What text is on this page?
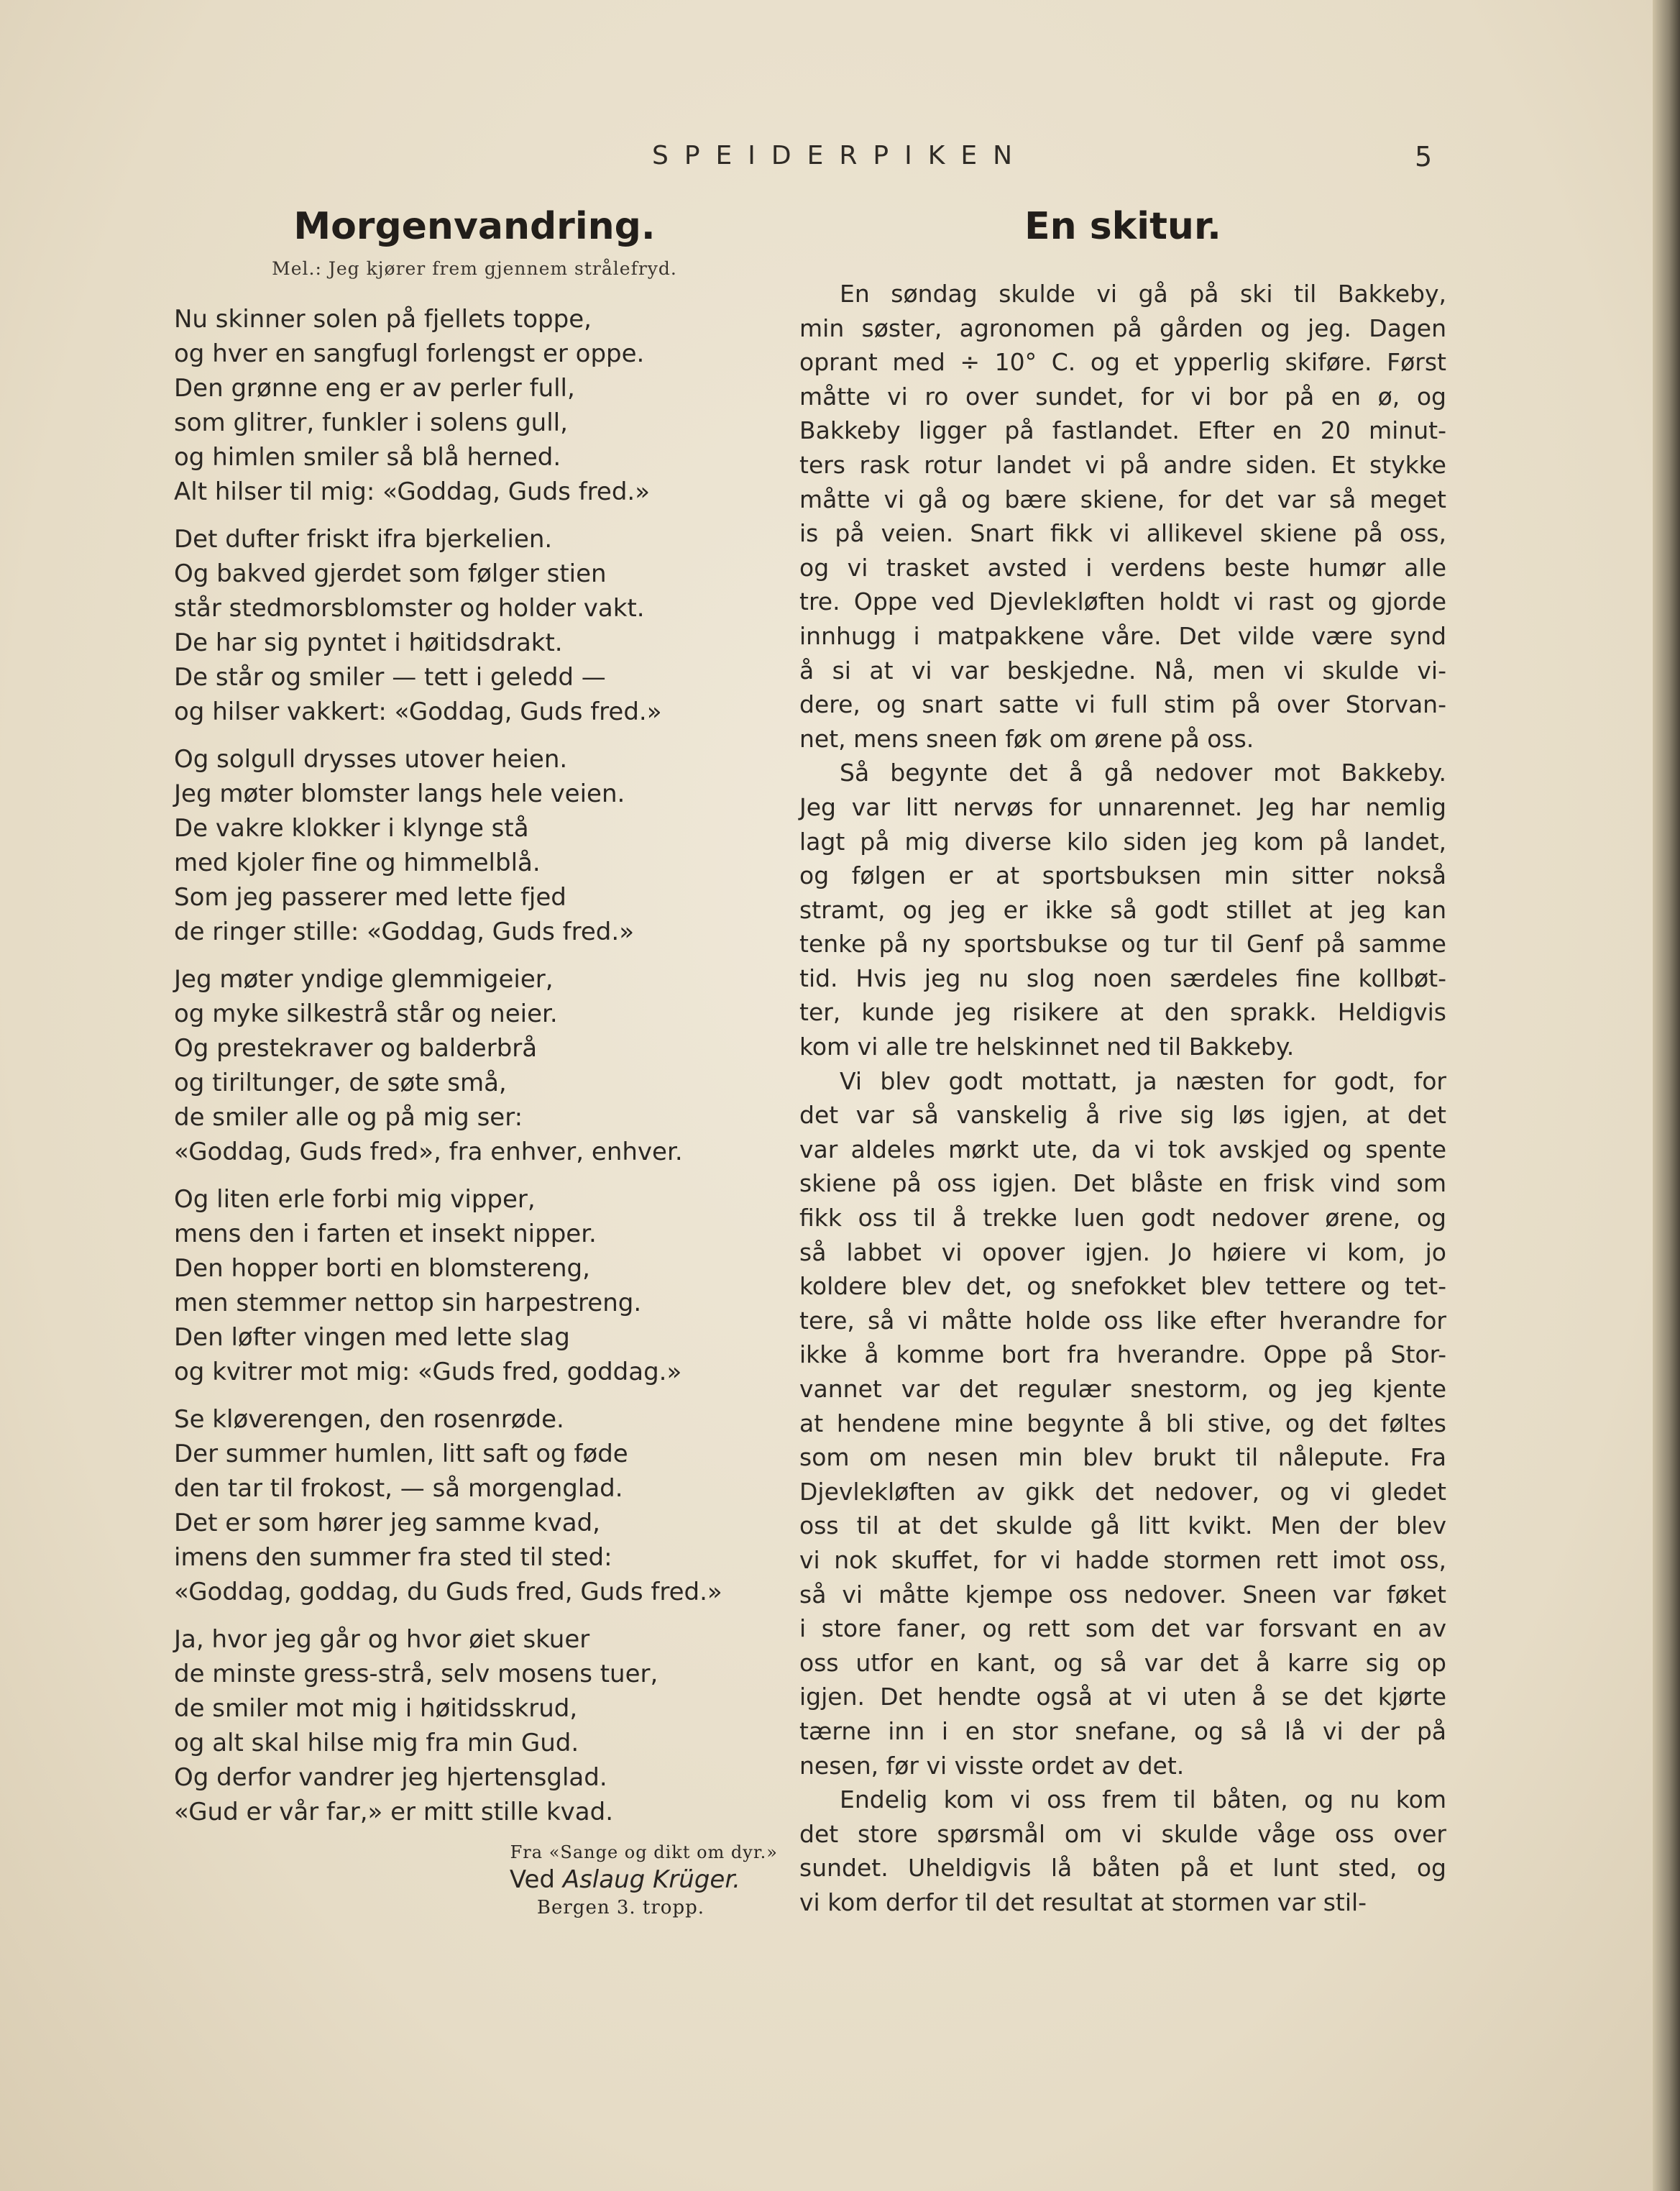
SPEIDERPIKEN	5
Morgenvandring.

Mel.: Jeg kjører frem gjennem strålefryd.

Nu skinner solen på fjellets toppe,
og hver en sangfugl forlengst er oppe.
Den grønne eng er av perler full,
som glitrer, funkler i solens gull,
og himlen smiler så blå herned.
Alt hilser til mig: «Goddag, Guds fred.»
Det dufter friskt ifra bjerkelien.
Og bakved gjerdet som følger stien
står stedmorsblomster og holder vakt.
De har sig pyntet i høitidsdrakt.
De står og smiler — tett i geledd —
og hilser vakkert: «Goddag, Guds fred.»
Og solgull drysses utover heien.
Jeg møter blomster langs hele veien.
De vakre klokker i klynge stå
med kjoler fine og himmelblå.
Som jeg passerer med lette fjed
de ringer stille: «Goddag, Guds fred.»
Jeg møter yndige glemmigeier,
og myke silkestrå står og neier.
Og prestekraver og balderbrå
og tiriltunger, de søte små,
de smiler alle og på mig ser:
«Goddag, Guds fred», fra enhver, enhver.
Og liten erle forbi mig vipper,
mens den i farten et insekt nipper.
Den hopper borti en blomstereng,
men stemmer nettop sin harpestreng.
Den løfter vingen med lette slag
og kvitrer mot mig: «Guds fred, goddag.»
Se kløverengen, den rosenrøde.
Der summer humlen, litt saft og føde
den tar til frokost, — så morgenglad.
Det er som hører jeg samme kvad,
imens den summer fra sted til sted:
«Goddag, goddag, du Guds fred, Guds fred.»
Ja, hvor jeg går og hvor øiet skuer
de minste gress-strå, selv mosens tuer,
de smiler mot mig i høitidsskrud,
og alt skal hilse mig fra min Gud.
Og derfor vandrer jeg hjertensglad.
«Gud er vår far,» er mitt stille kvad.
Fra «Sange og dikt om dyr.»
Ved Aslaug Krüger.
Bergen 3. tropp.
En skitur.
En søndag skulde vi gå på ski til Bakkeby,
min søster, agronomen på gården og jeg. Dagen
oprant med ÷ 10° C. og et ypperlig skiføre. Først
måtte vi ro over sundet, for vi bor på en ø, og
Bakkeby ligger på fastlandet. Efter en 20 minut-
ters rask rotur landet vi på andre siden. Et stykke
måtte vi gå og bære skiene, for det var så meget
is på veien. Snart fikk vi allikevel skiene på oss,
og vi trasket avsted i verdens beste humør alle
tre. Oppe ved Djevlekløften holdt vi rast og gjorde
innhugg i matpakkene våre. Det vilde være synd
å si at vi var beskjedne. Nå, men vi skulde vi-
dere, og snart satte vi full stim på over Storvan-
net, mens sneen føk om ørene på oss.
Så begynte det å gå nedover mot Bakkeby.
Jeg var litt nervøs for unnarennet. Jeg har nemlig
lagt på mig diverse kilo siden jeg kom på landet,
og følgen er at sportsbuksen min sitter nokså
stramt, og jeg er ikke så godt stillet at jeg kan
tenke på ny sportsbukse og tur til Genf på samme
tid. Hvis jeg nu slog noen særdeles fine kollbøt-
ter, kunde jeg risikere at den sprakk. Heldigvis
kom vi alle tre helskinnet ned til Bakkeby.
Vi blev godt mottatt, ja næsten for godt, for
det var så vanskelig å rive sig løs igjen, at det
var aldeles mørkt ute, da vi tok avskjed og spente
skiene på oss igjen. Det blåste en frisk vind som
fikk oss til å trekke luen godt nedover ørene, og
så labbet vi opover igjen. Jo høiere vi kom, jo
koldere blev det, og snefokket blev tettere og tet-
tere, så vi måtte holde oss like efter hverandre for
ikke å komme bort fra hverandre. Oppe på Stor-
vannet var det regulær snestorm, og jeg kjente
at hendene mine begynte å bli stive, og det føltes
som om nesen min blev brukt til nålepute. Fra
Djevlekløften av gikk det nedover, og vi gledet
oss til at det skulde gå litt kvikt. Men der blev
vi nok skuffet, for vi hadde stormen rett imot oss,
så vi måtte kjempe oss nedover. Sneen var føket
i store faner, og rett som det var forsvant en av
oss utfor en kant, og så var det å karre sig op
igjen. Det hendte også at vi uten å se det kjørte
tærne inn i en stor snefane, og så lå vi der på
nesen, før vi visste ordet av det.
Endelig kom vi oss frem til båten, og nu kom
det store spørsmål om vi skulde våge oss over
sundet. Uheldigvis lå båten på et lunt sted, og
vi kom derfor til det resultat at stormen var stil-
